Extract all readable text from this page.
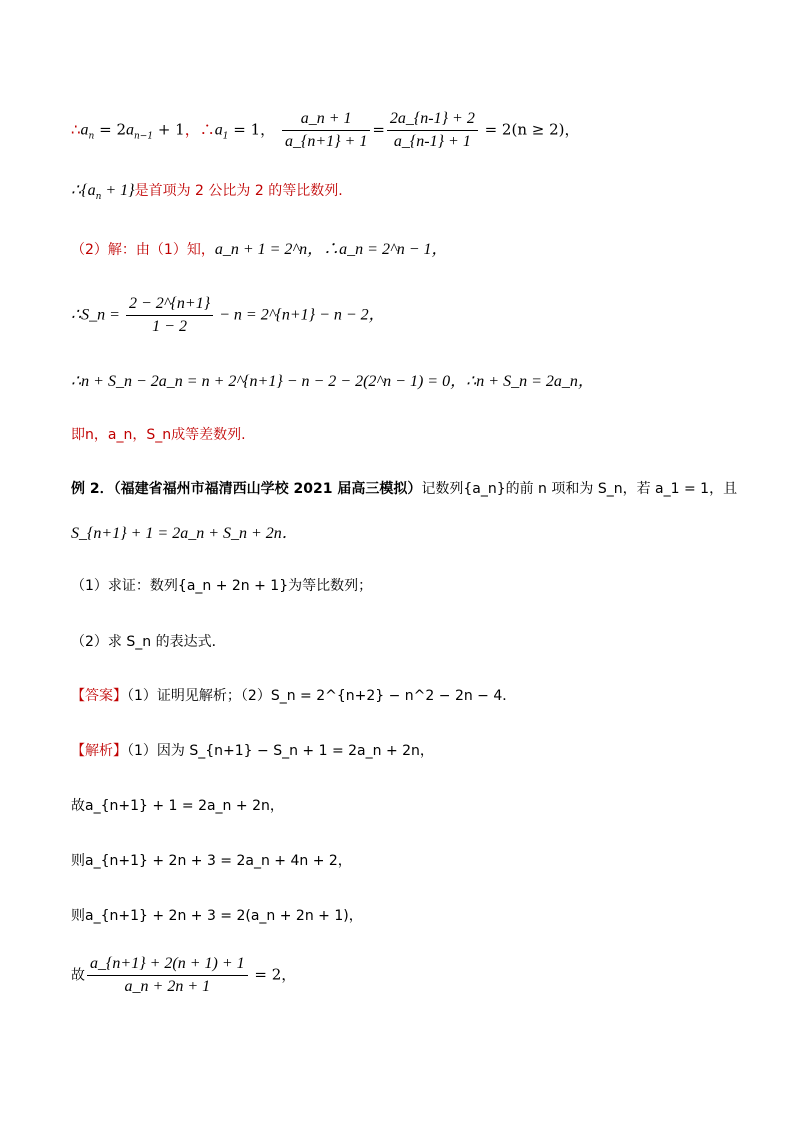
$\therefore a_n = 2a_{n-1} + 1$，$\therefore a_1 = 1$， $\frac{a\_n + 1}{a\_\{n+1\} + 1} = \frac{2a\_\{n-1\} + 2}{a\_\{n-1\} + 1} = 2(n \ge 2)$，
$\therefore\{a_n + 1\}$是首项为 2 公比为 2 的等比数列.
（2）解：由（1）知，a_n + 1 = 2^n，∴a_n = 2^n − 1，
∴S_n = $\frac{2 - 2\^{}\{n+1\}}{1 - 2} - n$ = 2^{n+1} − n − 2，
∴n + S_n − 2a_n = n + 2^{n+1} − n − 2 − 2(2^n − 1) = 0，∴n + S_n = 2a_n，
即n，a_n，S_n成等差数列.
例 2．（福建省福州市福清西山学校 2021 届高三模拟）记数列{a_n}的前 n 项和为 S_n，若 a_1 = 1，且
S_{n+1} + 1 = 2a_n + S_n + 2n．
（1）求证：数列{a_n + 2n + 1}为等比数列；
（2）求 S_n 的表达式．
【答案】（1）证明见解析；（2）S_n = 2^{n+2} − n^2 − 2n − 4．
【解析】（1）因为 S_{n+1} − S_n + 1 = 2a_n + 2n，
故a_{n+1} + 1 = 2a_n + 2n，
则a_{n+1} + 2n + 3 = 2a_n + 4n + 2，
则a_{n+1} + 2n + 3 = 2(a_n + 2n + 1)，
故 $\frac{a\_\{n+1\} + 2(n + 1) + 1}{a\_n + 2n + 1} = 2$，
